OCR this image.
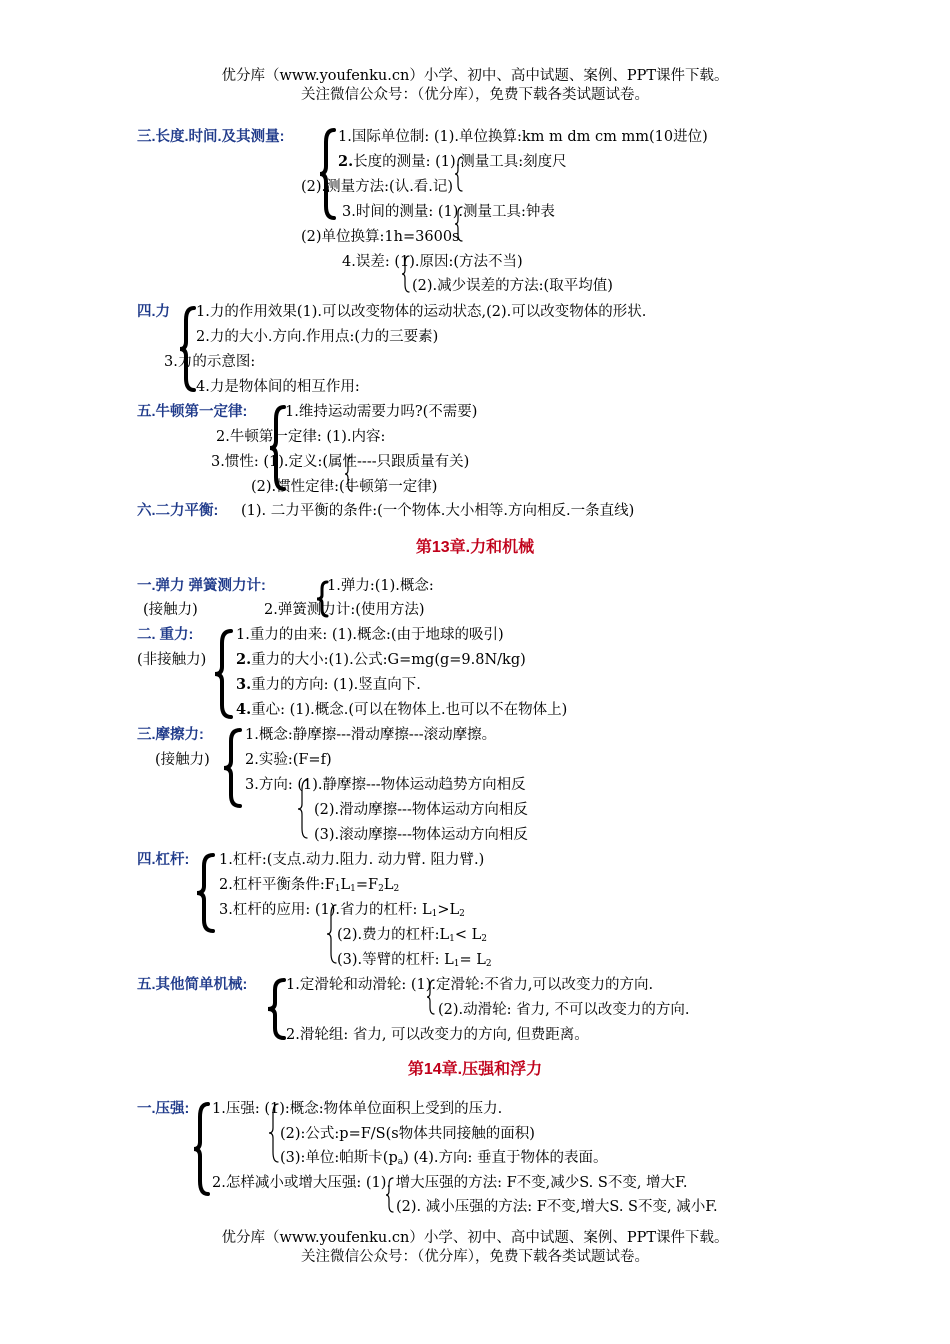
优分库（www.youfenku.cn）小学、初中、高中试题、案例、PPT课件下载。
关注微信公众号：（优分库），免费下载各类试题试卷。
三.长度.时间.及其测量:	1.国际单位制: (1).单位换算:km m dm cm mm(10进位)
2.长度的测量: (1).测量工具:刻度尺
(2).测量方法:(认.看.记)
3.时间的测量: (1).测量工具:钟表
(2)单位换算:1h=3600s
4.误差: (1).原因:(方法不当)
(2).减少误差的方法:(取平均值)
四.力 1.力的作用效果(1).可以改变物体的运动状态,(2).可以改变物体的形状.
2.力的大小.方向.作用点:(力的三要素)
3.力的示意图:
4.力是物体间的相互作用:
五.牛顿第一定律:	1.维持运动需要力吗?(不需要)
2.牛顿第一定律: (1).内容:
3.惯性: (1).定义:(属性----只跟质量有关)
(2).惯性定律:(牛顿第一定律)
六.二力平衡: (1). 二力平衡的条件:(一个物体.大小相等.方向相反.一条直线)
第13章.力和机械
一.弹力 弹簧测力计:	1.弹力:(1).概念:
(接触力)	2.弹簧测力计:(使用方法)
二. 重力:
(非接触力)
1.重力的由来: (1).概念:(由于地球的吸引)
2.重力的大小:(1).公式:G=mg(g=9.8N/kg)
3.重力的方向: (1).竖直向下.
4.重心: (1).概念.(可以在物体上.也可以不在物体上)
三.摩擦力:
(接触力)
1.概念:静摩擦---滑动摩擦---滚动摩擦。
2.实验:(F=f)
3.方向: (1).静摩擦---物体运动趋势方向相反
(2).滑动摩擦---物体运动方向相反
(3).滚动摩擦---物体运动方向相反
四.杠杆: 1.杠杆:(支点.动力.阻力. 动力臂. 阻力臂.)
2.杠杆平衡条件$:F_1L_1=F_2L_2$
3.杠杆的应用: (1).省力的杠杆: $L_1>L_2$
(2).费力的杠杆$:L_1< L_2$
(3).等臂的杠杆: $L_1= L_2$
五.其他简单机械:	1.定滑轮和动滑轮: (1).定滑轮:不省力,可以改变力的方向.
(2).动滑轮: 省力, 不可以改变力的方向.
2.滑轮组: 省力, 可以改变力的方向, 但费距离。
第14章.压强和浮力
一.压强: 1.压强: (1):概念:物体单位面积上受到的压力.
(2):公式:p=F/S(s物体共同接触的面积)
(3):单位:帕斯卡$(p_a)$ (4).方向: 垂直于物体的表面。
2.怎样减小或增大压强: (1). 增大压强的方法: F不变,减少S. S不变, 增大F.
(2). 减小压强的方法: F不变,增大S. S不变, 减小F.
优分库（www.youfenku.cn）小学、初中、高中试题、案例、PPT课件下载。
关注微信公众号：（优分库），免费下载各类试题试卷。
